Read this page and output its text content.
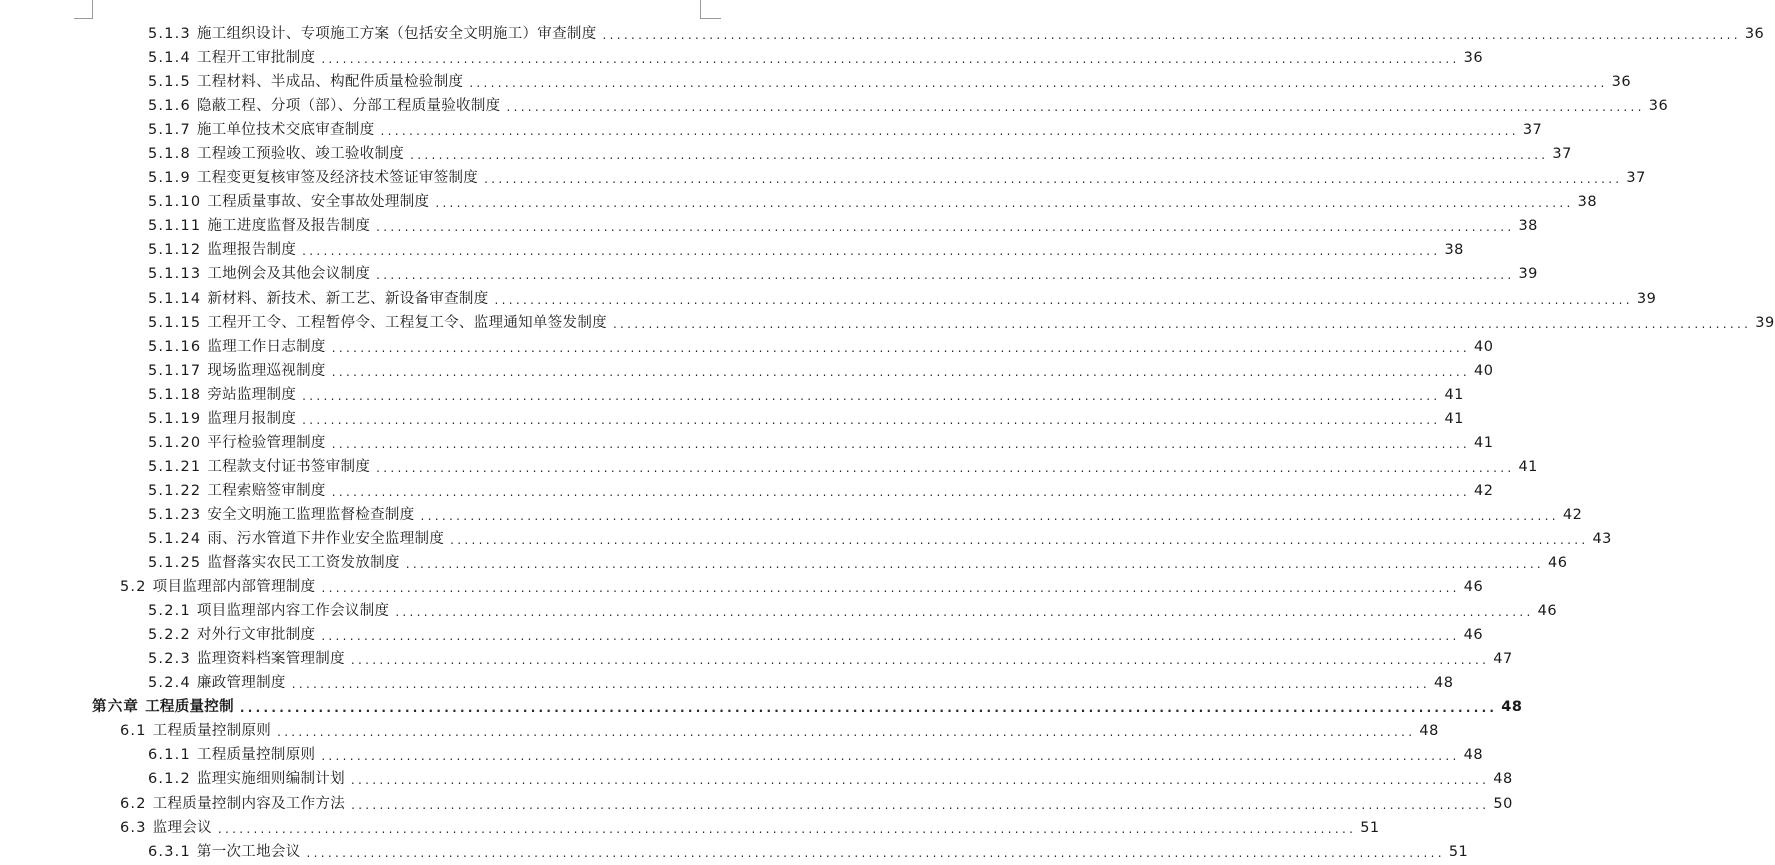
5.1.3 施工组织设计、专项施工方案（包括安全文明施工）审查制度 ................................................................................................................................................................ 36
5.1.4 工程开工审批制度 ................................................................................................................................................................ 36
5.1.5 工程材料、半成品、构配件质量检验制度 ................................................................................................................................................................ 36
5.1.6 隐蔽工程、分项（部）、分部工程质量验收制度 ................................................................................................................................................................ 36
5.1.7 施工单位技术交底审查制度 ................................................................................................................................................................ 37
5.1.8 工程竣工预验收、竣工验收制度 ................................................................................................................................................................ 37
5.1.9 工程变更复核审签及经济技术签证审签制度 ................................................................................................................................................................ 37
5.1.10 工程质量事故、安全事故处理制度 ................................................................................................................................................................ 38
5.1.11 施工进度监督及报告制度 ................................................................................................................................................................ 38
5.1.12 监理报告制度 ................................................................................................................................................................ 38
5.1.13 工地例会及其他会议制度 ................................................................................................................................................................ 39
5.1.14 新材料、新技术、新工艺、新设备审查制度 ................................................................................................................................................................ 39
5.1.15 工程开工令、工程暂停令、工程复工令、监理通知单签发制度 ................................................................................................................................................................ 39
5.1.16 监理工作日志制度 ................................................................................................................................................................ 40
5.1.17 现场监理巡视制度 ................................................................................................................................................................ 40
5.1.18 旁站监理制度 ................................................................................................................................................................ 41
5.1.19 监理月报制度 ................................................................................................................................................................ 41
5.1.20 平行检验管理制度 ................................................................................................................................................................ 41
5.1.21 工程款支付证书签审制度 ................................................................................................................................................................ 41
5.1.22 工程索赔签审制度 ................................................................................................................................................................ 42
5.1.23 安全文明施工监理监督检查制度 ................................................................................................................................................................ 42
5.1.24 雨、污水管道下井作业安全监理制度 ................................................................................................................................................................ 43
5.1.25 监督落实农民工工资发放制度 ................................................................................................................................................................ 46
5.2 项目监理部内部管理制度 ................................................................................................................................................................ 46
5.2.1 项目监理部内容工作会议制度 ................................................................................................................................................................ 46
5.2.2 对外行文审批制度 ................................................................................................................................................................ 46
5.2.3 监理资料档案管理制度 ................................................................................................................................................................ 47
5.2.4 廉政管理制度 ................................................................................................................................................................ 48
第六章 工程质量控制 ................................................................................................................................................................ 48
6.1 工程质量控制原则 ................................................................................................................................................................ 48
6.1.1 工程质量控制原则 ................................................................................................................................................................ 48
6.1.2 监理实施细则编制计划 ................................................................................................................................................................ 48
6.2 工程质量控制内容及工作方法 ................................................................................................................................................................ 50
6.3 监理会议 ................................................................................................................................................................ 51
6.3.1 第一次工地会议 ................................................................................................................................................................ 51
